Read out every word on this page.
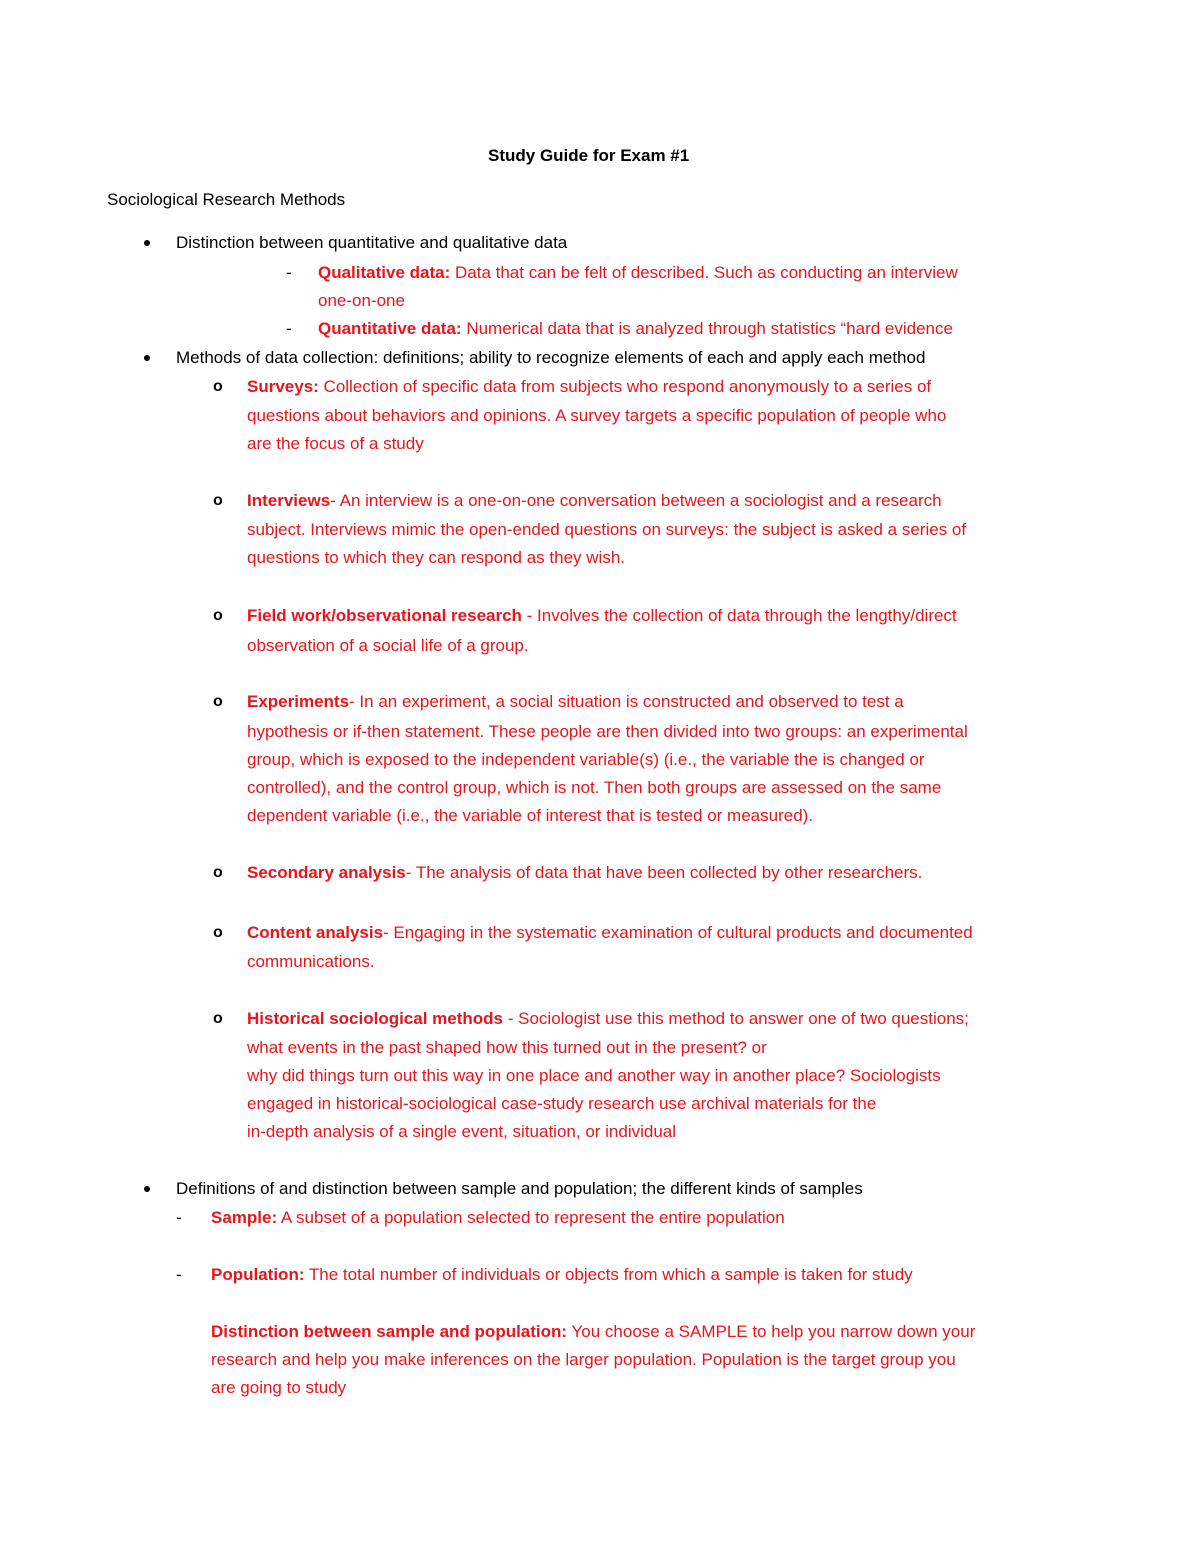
Study Guide for Exam #1
Sociological Research Methods
Distinction between quantitative and qualitative data
- Qualitative data: Data that can be felt of described. Such as conducting an interview
one-on-one
- Quantitative data: Numerical data that is analyzed through statistics “hard evidence
Methods of data collection: definitions; ability to recognize elements of each and apply each method
o Surveys: Collection of specific data from subjects who respond anonymously to a series of
questions about behaviors and opinions. A survey targets a specific population of people who
are the focus of a study
o Interviews- An interview is a one-on-one conversation between a sociologist and a research
subject. Interviews mimic the open-ended questions on surveys: the subject is asked a series of
questions to which they can respond as they wish.
o Field work/observational research - Involves the collection of data through the lengthy/direct
observation of a social life of a group.
o Experiments- In an experiment, a social situation is constructed and observed to test a
hypothesis or if-then statement. These people are then divided into two groups: an experimental
group, which is exposed to the independent variable(s) (i.e., the variable the is changed or
controlled), and the control group, which is not. Then both groups are assessed on the same
dependent variable (i.e., the variable of interest that is tested or measured).
o Secondary analysis- The analysis of data that have been collected by other researchers.
o Content analysis- Engaging in the systematic examination of cultural products and documented
communications.
o Historical sociological methods - Sociologist use this method to answer one of two questions;
what events in the past shaped how this turned out in the present? or
why did things turn out this way in one place and another way in another place? Sociologists
engaged in historical-sociological case-study research use archival materials for the
in-depth analysis of a single event, situation, or individual
Definitions of and distinction between sample and population; the different kinds of samples
- Sample: A subset of a population selected to represent the entire population
- Population: The total number of individuals or objects from which a sample is taken for study
Distinction between sample and population: You choose a SAMPLE to help you narrow down your
research and help you make inferences on the larger population. Population is the target group you
are going to study
